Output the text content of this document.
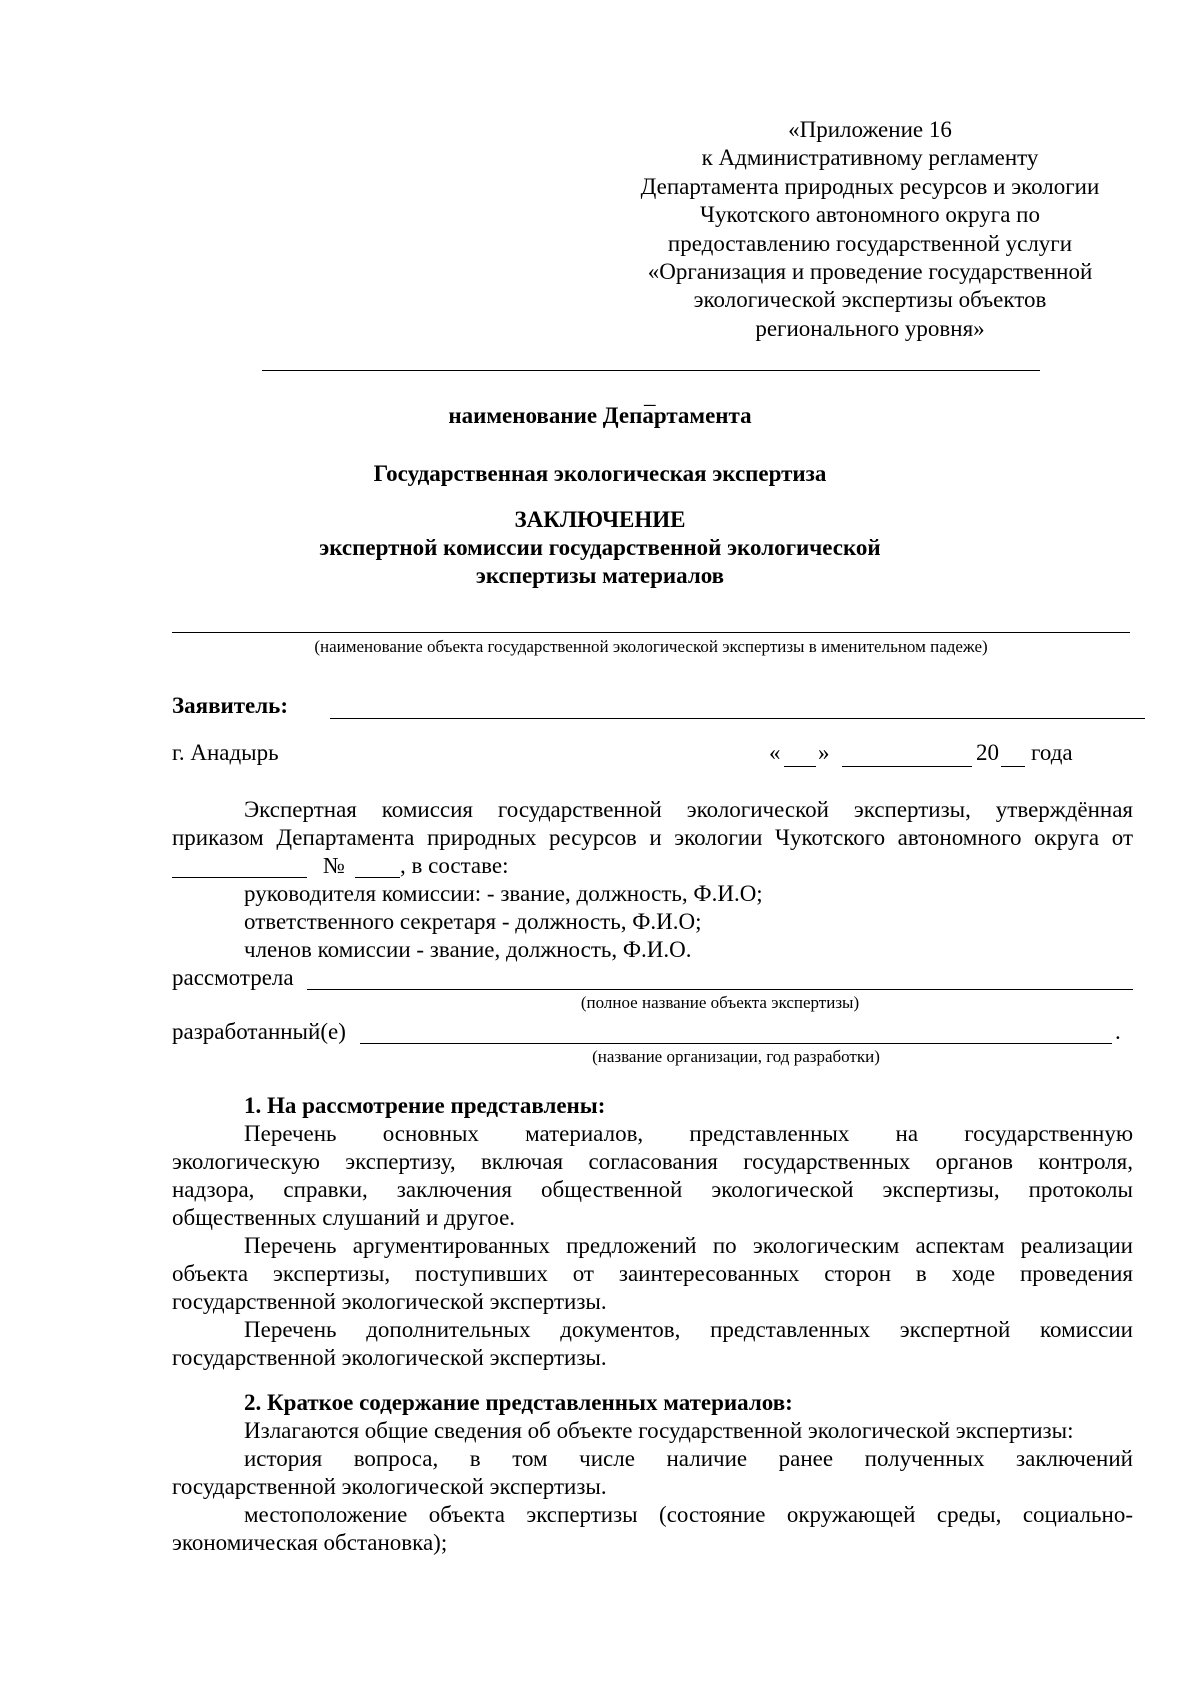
«Приложение 16
к Административному регламенту
Департамента природных ресурсов и экологии
Чукотского автономного округа по
предоставлению государственной услуги
«Организация и проведение государственной
экологической экспертизы объектов
регионального уровня»
_
наименование Департамента
Государственная экологическая экспертиза
ЗАКЛЮЧЕНИЕ
экспертной комиссии государственной экологической
экспертизы материалов
(наименование объекта государственной экологической экспертизы в именительном падеже)
Заявитель:
г. Анадырь	« »	20 года
Экспертная комиссия государственной экологической экспертизы, утверждённая
приказом Департамента природных ресурсов и экологии Чукотского автономного округа от
№ , в составе:
руководителя комиссии: - звание, должность, Ф.И.О;
ответственного секретаря - должность, Ф.И.О;
членов комиссии - звание, должность, Ф.И.О.
рассмотрела
(полное название объекта экспертизы)
разработанный(е)	.
(название организации, год разработки)
1. На рассмотрение представлены:
Перечень основных материалов, представленных на государственную
экологическую экспертизу, включая согласования государственных органов контроля,
надзора, справки, заключения общественной экологической экспертизы, протоколы
общественных слушаний и другое.
Перечень аргументированных предложений по экологическим аспектам реализации
объекта экспертизы, поступивших от заинтересованных сторон в ходе проведения
государственной экологической экспертизы.
Перечень дополнительных документов, представленных экспертной комиссии
государственной экологической экспертизы.
2. Краткое содержание представленных материалов:
Излагаются общие сведения об объекте государственной экологической экспертизы:
история вопроса, в том числе наличие ранее полученных заключений
государственной экологической экспертизы.
местоположение объекта экспертизы (состояние окружающей среды, социально-
экономическая обстановка);
